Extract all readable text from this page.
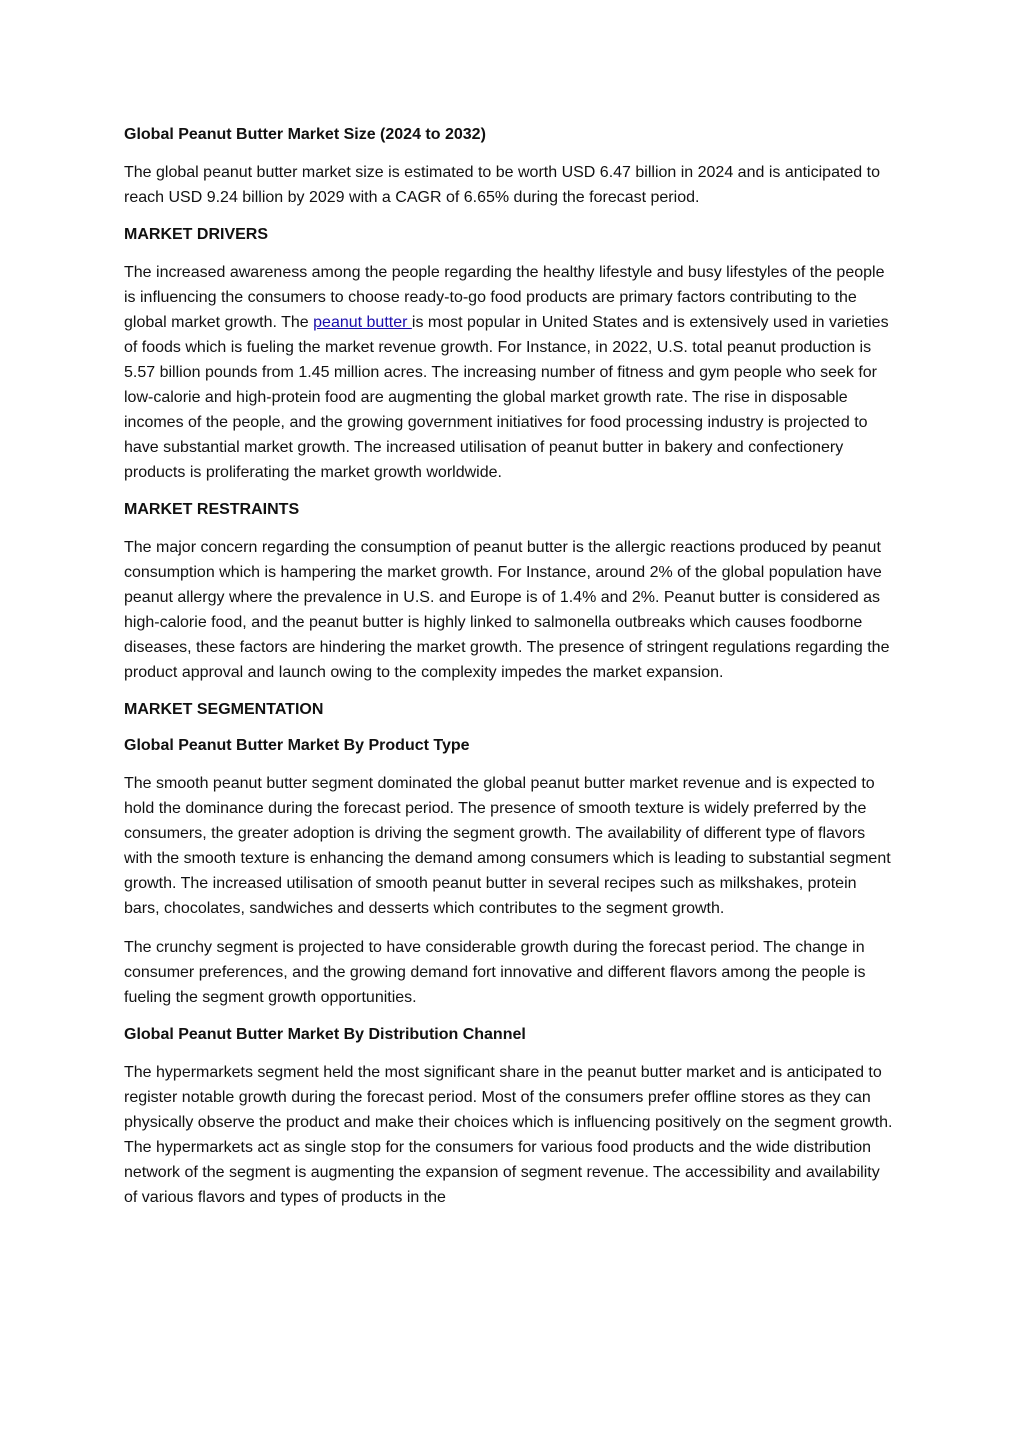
Global Peanut Butter Market Size (2024 to 2032)

The global peanut butter market size is estimated to be worth USD 6.47 billion in 2024 and is anticipated to reach USD 9.24 billion by 2029 with a CAGR of 6.65% during the forecast period.

MARKET DRIVERS

The increased awareness among the people regarding the healthy lifestyle and busy lifestyles of the people is influencing the consumers to choose ready-to-go food products are primary factors contributing to the global market growth. The peanut butter is most popular in United States and is extensively used in varieties of foods which is fueling the market revenue growth. For Instance, in 2022, U.S. total peanut production is 5.57 billion pounds from 1.45 million acres. The increasing number of fitness and gym people who seek for low-calorie and high-protein food are augmenting the global market growth rate. The rise in disposable incomes of the people, and the growing government initiatives for food processing industry is projected to have substantial market growth. The increased utilisation of peanut butter in bakery and confectionery products is proliferating the market growth worldwide.

MARKET RESTRAINTS

The major concern regarding the consumption of peanut butter is the allergic reactions produced by peanut consumption which is hampering the market growth. For Instance, around 2% of the global population have peanut allergy where the prevalence in U.S. and Europe is of 1.4% and 2%. Peanut butter is considered as high-calorie food, and the peanut butter is highly linked to salmonella outbreaks which causes foodborne diseases, these factors are hindering the market growth. The presence of stringent regulations regarding the product approval and launch owing to the complexity impedes the market expansion.

MARKET SEGMENTATION
Global Peanut Butter Market By Product Type

The smooth peanut butter segment dominated the global peanut butter market revenue and is expected to hold the dominance during the forecast period. The presence of smooth texture is widely preferred by the consumers, the greater adoption is driving the segment growth. The availability of different type of flavors with the smooth texture is enhancing the demand among consumers which is leading to substantial segment growth. The increased utilisation of smooth peanut butter in several recipes such as milkshakes, protein bars, chocolates, sandwiches and desserts which contributes to the segment growth.

The crunchy segment is projected to have considerable growth during the forecast period. The change in consumer preferences, and the growing demand fort innovative and different flavors among the people is fueling the segment growth opportunities.

Global Peanut Butter Market By Distribution Channel

The hypermarkets segment held the most significant share in the peanut butter market and is anticipated to register notable growth during the forecast period. Most of the consumers prefer offline stores as they can physically observe the product and make their choices which is influencing positively on the segment growth. The hypermarkets act as single stop for the consumers for various food products and the wide distribution network of the segment is augmenting the expansion of segment revenue. The accessibility and availability of various flavors and types of products in the
